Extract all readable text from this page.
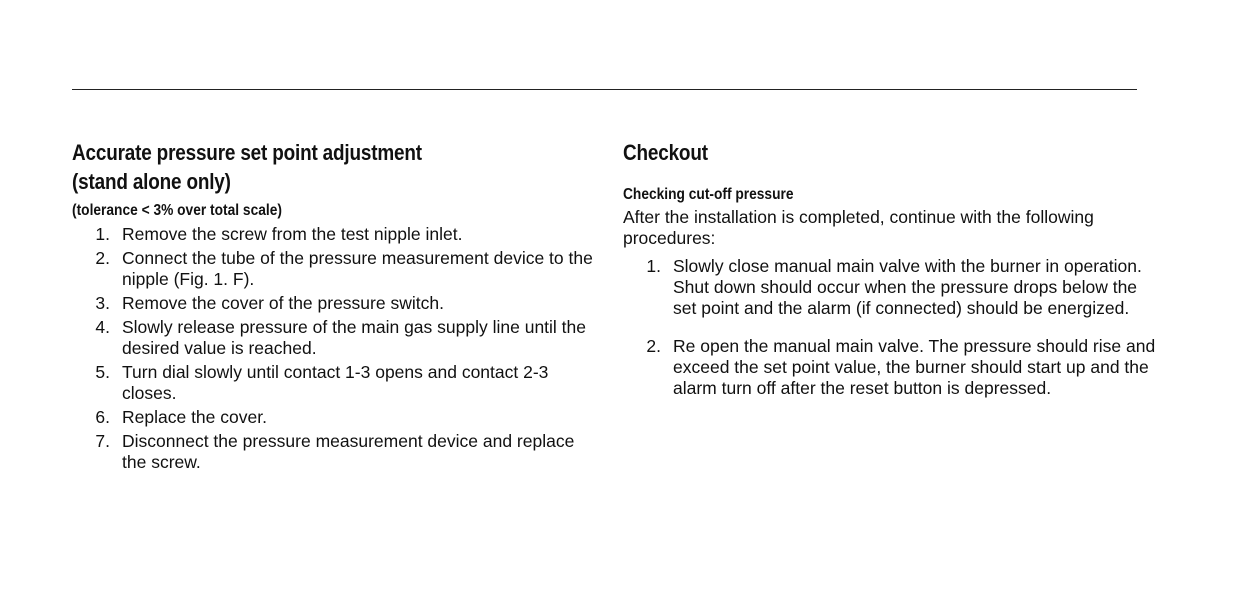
Accurate pressure set point adjustment
(stand alone only)
(tolerance < 3% over total scale)
1. Remove the screw from the test nipple inlet.
2. Connect the tube of the pressure measurement device to the nipple (Fig. 1. F).
3. Remove the cover of the pressure switch.
4. Slowly release pressure of the main gas supply line until the desired value is reached.
5. Turn dial slowly until contact 1-3 opens and contact 2-3 closes.
6. Replace the cover.
7. Disconnect the pressure measurement device and replace the screw.
Checkout
Checking cut-off pressure

After the installation is completed, continue with the following procedures:

1. Slowly close manual main valve with the burner in operation. Shut down should occur when the pressure drops below the set point and the alarm (if connected) should be energized.
2. Re open the manual main valve. The pressure should rise and exceed the set point value, the burner should start up and the alarm turn off after the reset button is depressed.
